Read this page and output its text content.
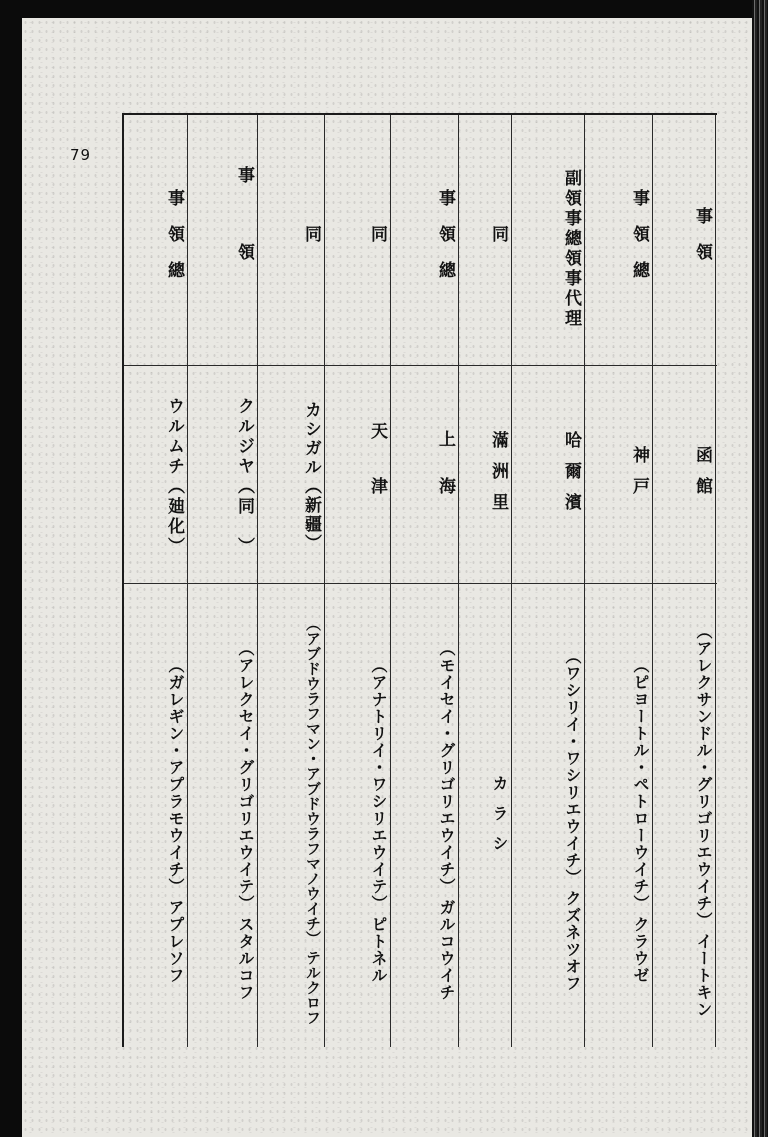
79
領
事
函館
イートキン
（アレクサンドル・グリゴリエウイチ）
總
領
事
神戸
クラウゼ
（ピヨートル・ペトローウイチ）
總領事代理
副領事
哈爾濱
クズネツオフ
（ワシリイ・ワシリエウイチ）
同
滿洲里
カラシ
總
領
事
上海
ガルコウイチ
（モイセイ・グリゴリエウイチ）
同
天津
ピトネル
（アナトリイ・ワシリエウイテ）
同
カシガル（新疆）
テルクロフ
（アブドウラフマン・アブドウラフマノウイチ）
領
事
クルジヤ（同　）
スタルコフ
（アレクセイ・グリゴリエウイテ）
總
領
事
ウルムチ（廸化）
アプレソフ
（ガレギン・アプラモウイチ）
